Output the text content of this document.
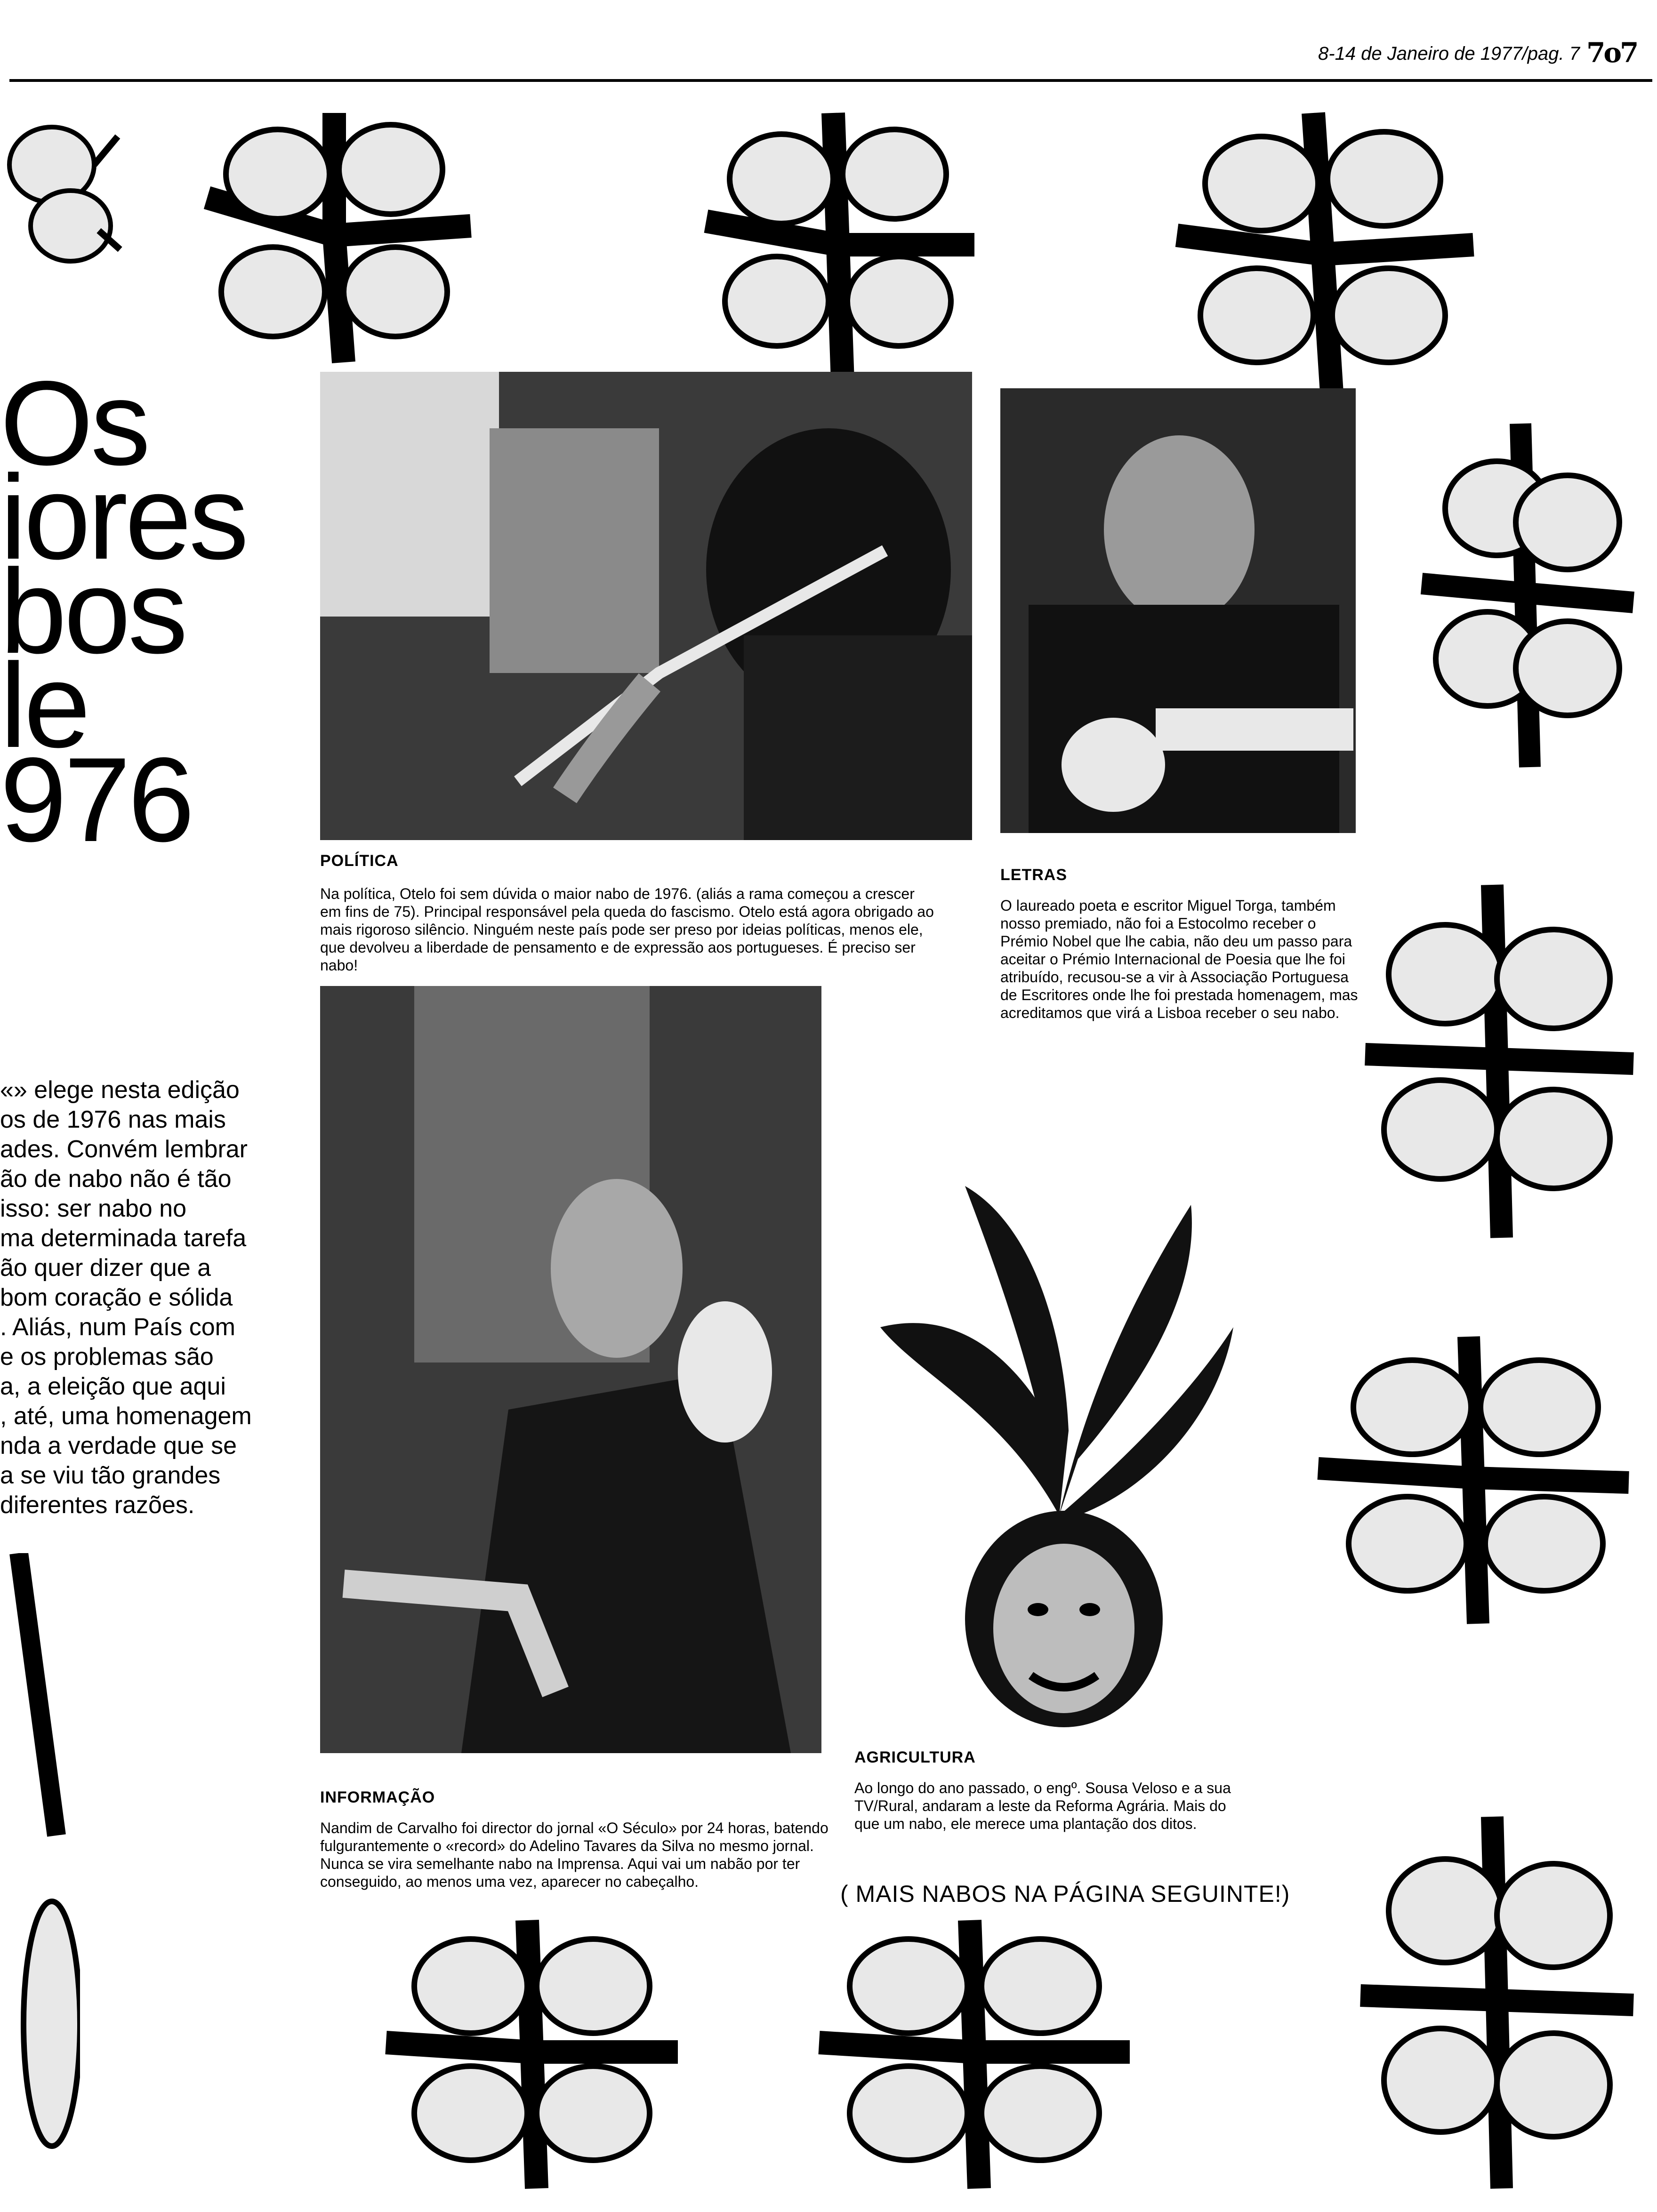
8-14 de Janeiro de 1977/pag. 7 7o7
Os
iores
bos
le
976
«» elege nesta edição
os de 1976 nas mais
ades. Convém lembrar
ão de nabo não é tão
isso: ser nabo no
ma determinada tarefa
ão quer dizer que a
bom coração e sólida
. Aliás, num País com
e os problemas são
a, a eleição que aqui
, até, uma homenagem
nda a verdade que se
a se viu tão grandes
diferentes razões.
POLÍTICA
Na política, Otelo foi sem dúvida o maior nabo de 1976. (aliás a rama começou a crescer em fins de 75). Principal responsável pela queda do fascismo. Otelo está agora obrigado ao mais rigoroso silêncio. Ninguém neste país pode ser preso por ideias políticas, menos ele, que devolveu a liberdade de pensamento e de expressão aos portugueses. É preciso ser nabo!
LETRAS
O laureado poeta e escritor Miguel Torga, também nosso premiado, não foi a Estocolmo receber o Prémio Nobel que lhe cabia, não deu um passo para aceitar o Prémio Internacional de Poesia que lhe foi atribuído, recusou-se a vir à Associação Portuguesa de Escritores onde lhe foi prestada homenagem, mas acreditamos que virá a Lisboa receber o seu nabo.
INFORMAÇÃO
Nandim de Carvalho foi director do jornal «O Século» por 24 horas, batendo fulgurantemente o «record» do Adelino Tavares da Silva no mesmo jornal. Nunca se vira semelhante nabo na Imprensa. Aqui vai um nabão por ter conseguido, ao menos uma vez, aparecer no cabeçalho.
AGRICULTURA
Ao longo do ano passado, o engº. Sousa Veloso e a sua TV/Rural, andaram a leste da Reforma Agrária. Mais do que um nabo, ele merece uma plantação dos ditos.
( MAIS NABOS NA PÁGINA SEGUINTE!)
